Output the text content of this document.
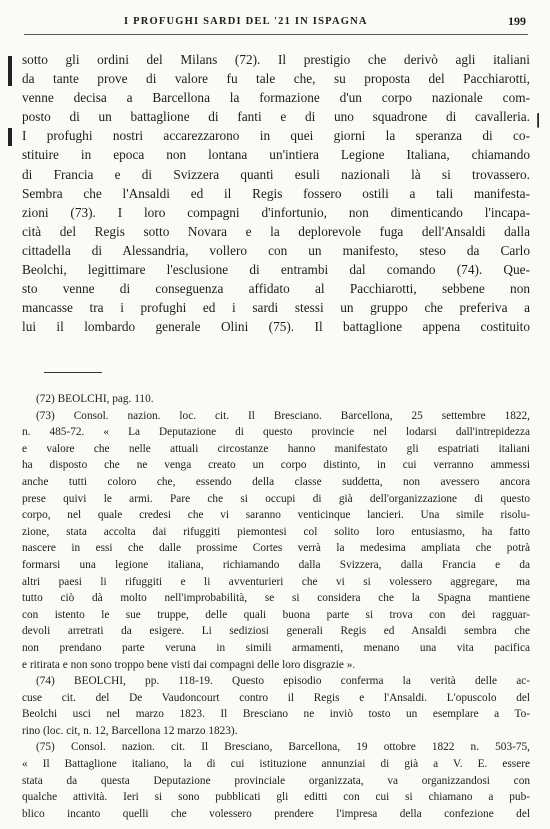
I PROFUGHI SARDI DEL '21 IN ISPAGNA	199
❘
sotto gli ordini del Milans (72). Il prestigio che derivò agli italiani
da tante prove di valore fu tale che, su proposta del Pacchiarotti,
venne decisa a Barcellona la formazione d'un corpo nazionale com-
posto di un battaglione di fanti e di uno squadrone di cavalleria.
I profughi nostri accarezzarono in quei giorni la speranza di co-
stituire in epoca non lontana un'intiera Legione Italiana, chiamando
di Francia e di Svizzera quanti esuli nazionali là si trovassero.
Sembra che l'Ansaldi ed il Regis fossero ostili a tali manifesta-
zioni (73). I loro compagni d'infortunio, non dimenticando l'incapa-
cità del Regis sotto Novara e la deplorevole fuga dell'Ansaldi dalla
cittadella di Alessandria, vollero con un manifesto, steso da Carlo
Beolchi, legittimare l'esclusione di entrambi dal comando (74). Que-
sto venne di conseguenza affidato al Pacchiarotti, sebbene non
mancasse tra i profughi ed i sardi stessi un gruppo che preferiva a
lui il lombardo generale Olini (75). Il battaglione appena costituito
(72) BEOLCHI, pag. 110.
(73) Consol. nazion. loc. cit. Il Bresciano. Barcellona, 25 settembre 1822,
n. 485-72. « La Deputazione di questo provincie nel lodarsi dall'intrepidezza
e valore che nelle attuali circostanze hanno manifestato gli espatriati italiani
ha disposto che ne venga creato un corpo distinto, in cui verranno ammessi
anche tutti coloro che, essendo della classe suddetta, non avessero ancora
prese quivi le armi. Pare che si occupi di già dell'organizzazione di questo
corpo, nel quale credesi che vi saranno venticinque lancieri. Una simile risolu-
zione, stata accolta dai rifuggiti piemontesi col solito loro entusiasmo, ha fatto
nascere in essi che dalle prossime Cortes verrà la medesima ampliata che potrà
formarsi una legione italiana, richiamando dalla Svizzera, dalla Francia e da
altri paesi li rifuggiti e li avventurieri che vi si volessero aggregare, ma
tutto ciò dà molto nell'improbabilità, se si considera che la Spagna mantiene
con istento le sue truppe, delle quali buona parte si trova con dei ragguar-
devoli arretrati da esigere. Li sediziosi generali Regis ed Ansaldi sembra che
non prendano parte veruna in simili armamenti, menano una vita pacifica
e ritirata e non sono troppo bene visti dai compagni delle loro disgrazie ».
(74) BEOLCHI, pp. 118-19. Questo episodio conferma la verità delle ac-
cuse cit. del De Vaudoncourt contro il Regis e l'Ansaldi. L'opuscolo del
Beolchi usci nel marzo 1823. Il Bresciano ne inviò tosto un esemplare a To-
rino (loc. cit, n. 12, Barcellona 12 marzo 1823).
(75) Consol. nazion. cit. Il Bresciano, Barcellona, 19 ottobre 1822 n. 503-75,
« Il Battaglione italiano, la di cui istituzione annunziai di già a V. E. essere
stata da questa Deputazione provinciale organizzata, va organizzandosi con
qualche attività. Ieri si sono pubblicati gli editti con cui si chiamano a pub-
blico incanto quelli che volessero prendere l'impresa della confezione del
